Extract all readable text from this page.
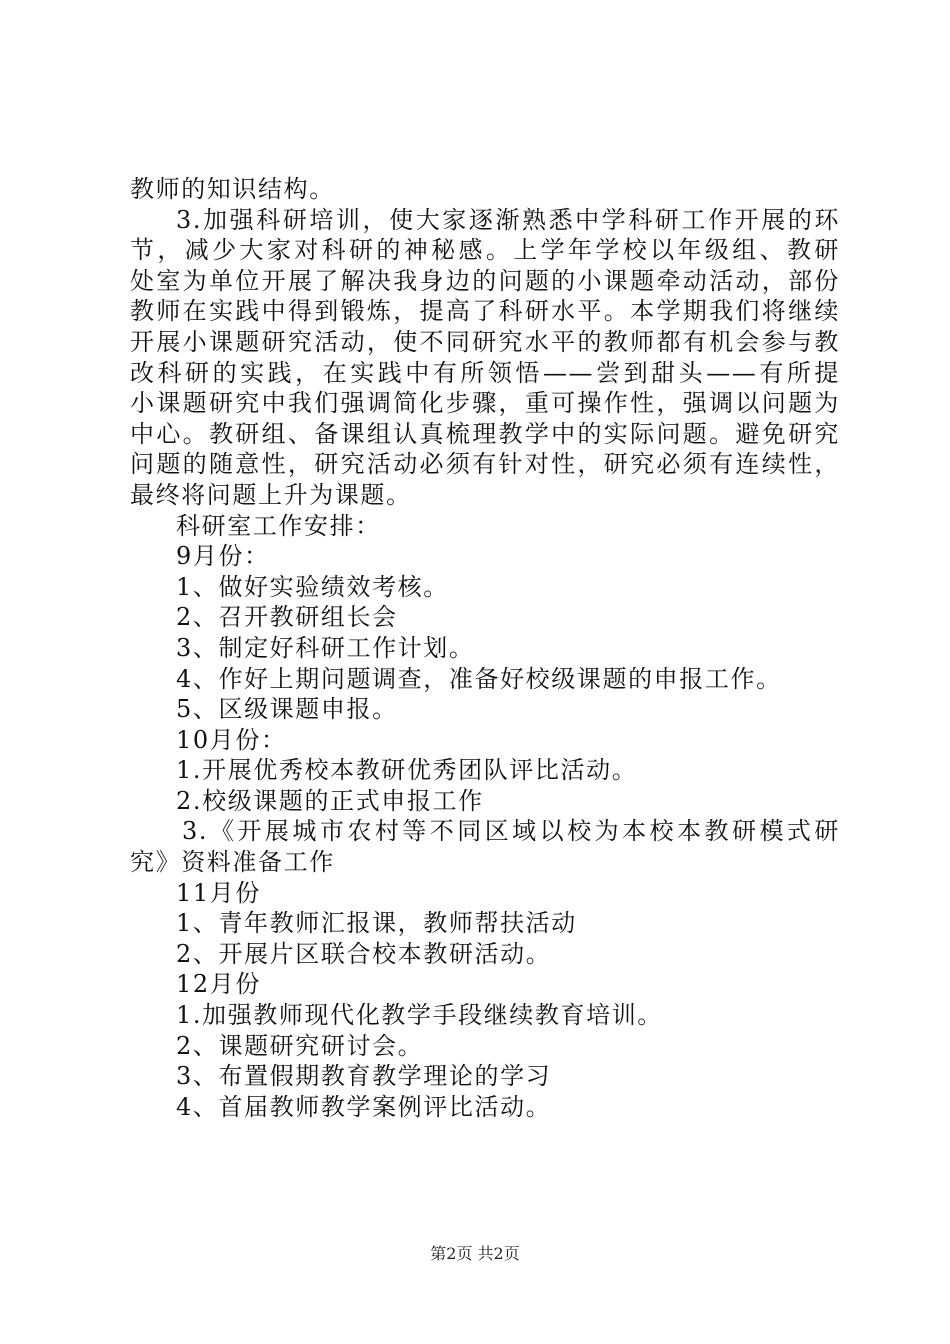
教师的知识结构。
3.加强科研培训，使大家逐渐熟悉中学科研工作开展的环
节，减少大家对科研的神秘感。上学年学校以年级组、教研
处室为单位开展了解决我身边的问题的小课题牵动活动，部份
教师在实践中得到锻炼，提高了科研水平。本学期我们将继续
开展小课题研究活动，使不同研究水平的教师都有机会参与教
改科研的实践，在实践中有所领悟——尝到甜头——有所提
小课题研究中我们强调简化步骤，重可操作性，强调以问题为
中心。教研组、备课组认真梳理教学中的实际问题。避免研究
问题的随意性，研究活动必须有针对性，研究必须有连续性，
最终将问题上升为课题。
科研室工作安排：
9月份：
1、做好实验绩效考核。
2、召开教研组长会
3、制定好科研工作计划。
4、作好上期问题调查，准备好校级课题的申报工作。
5、区级课题申报。
10月份：
1.开展优秀校本教研优秀团队评比活动。
2.校级课题的正式申报工作
3.《开展城市农村等不同区域以校为本校本教研模式研
究》资料准备工作
11月份
1、青年教师汇报课，教师帮扶活动
2、开展片区联合校本教研活动。
12月份
1.加强教师现代化教学手段继续教育培训。
2、课题研究研讨会。
3、布置假期教育教学理论的学习
4、首届教师教学案例评比活动。
第2页 共2页
